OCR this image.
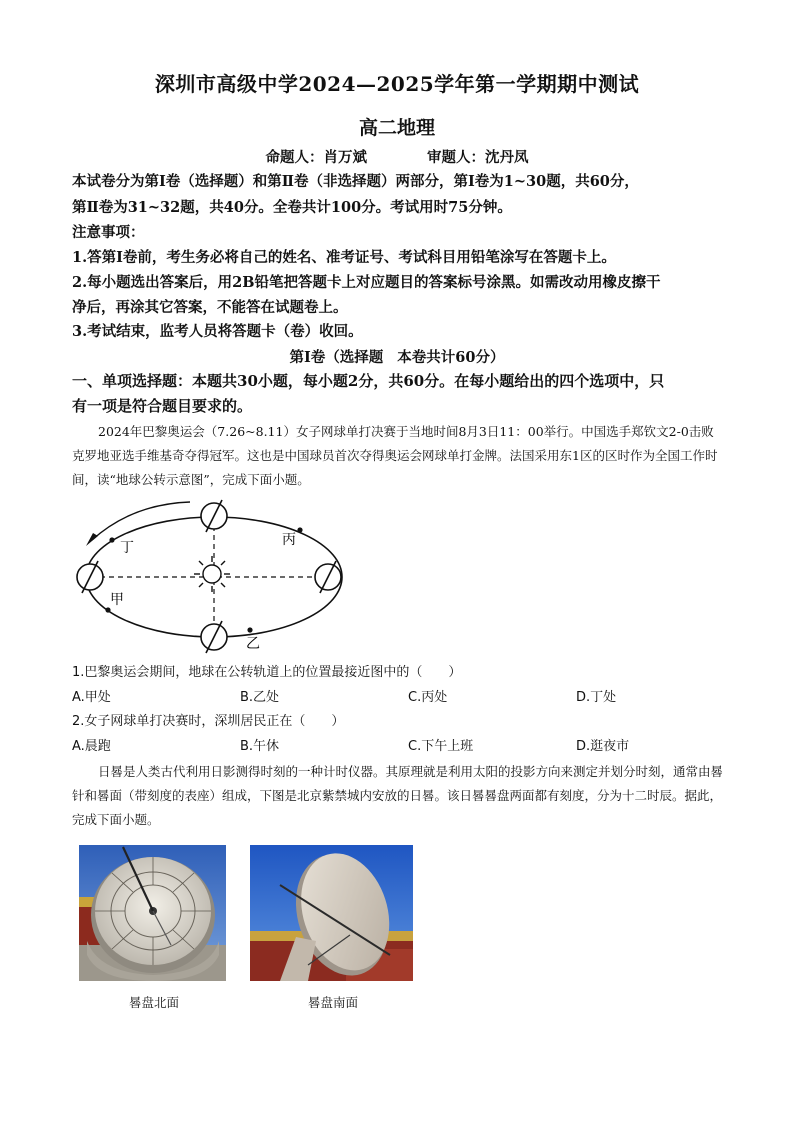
深圳市高级中学2024—2025学年第一学期期中测试
高二地理
命题人：肖万斌	审题人：沈丹凤
本试卷分为第Ⅰ卷（选择题）和第Ⅱ卷（非选择题）两部分，第Ⅰ卷为1~30题，共60分，
第Ⅱ卷为31~32题，共40分。全卷共计100分。考试用时75分钟。
注意事项：
1.答第Ⅰ卷前，考生务必将自己的姓名、准考证号、考试科目用铅笔涂写在答题卡上。
2.每小题选出答案后，用2B铅笔把答题卡上对应题目的答案标号涂黑。如需改动用橡皮擦干
净后，再涂其它答案，不能答在试题卷上。
3.考试结束，监考人员将答题卡（卷）收回。
第Ⅰ卷（选择题 本卷共计60分）
一、单项选择题：本题共30小题，每小题2分，共60分。在每小题给出的四个选项中，只
有一项是符合题目要求的。
2024年巴黎奥运会（7.26~8.11）女子网球单打决赛于当地时间8月3日11：00举行。中国选手郑钦文2-0击败克罗地亚选手维基奇夺得冠军。这也是中国球员首次夺得奥运会网球单打金牌。法国采用东1区的区时作为全国工作时间，读“地球公转示意图”，完成下面小题。
丁	丙
甲
乙
1.巴黎奥运会期间，地球在公转轨道上的位置最接近图中的（　　）
A.甲处	B.乙处	C.丙处	D.丁处
2.女子网球单打决赛时，深圳居民正在（　　）
A.晨跑	B.午休	C.下午上班	D.逛夜市
日晷是人类古代利用日影测得时刻的一种计时仪器。其原理就是利用太阳的投影方向来测定并划分时刻，通常由晷针和晷面（带刻度的表座）组成，下图是北京紫禁城内安放的日晷。该日晷晷盘两面都有刻度，分为十二时辰。据此，完成下面小题。
晷盘北面	晷盘南面
